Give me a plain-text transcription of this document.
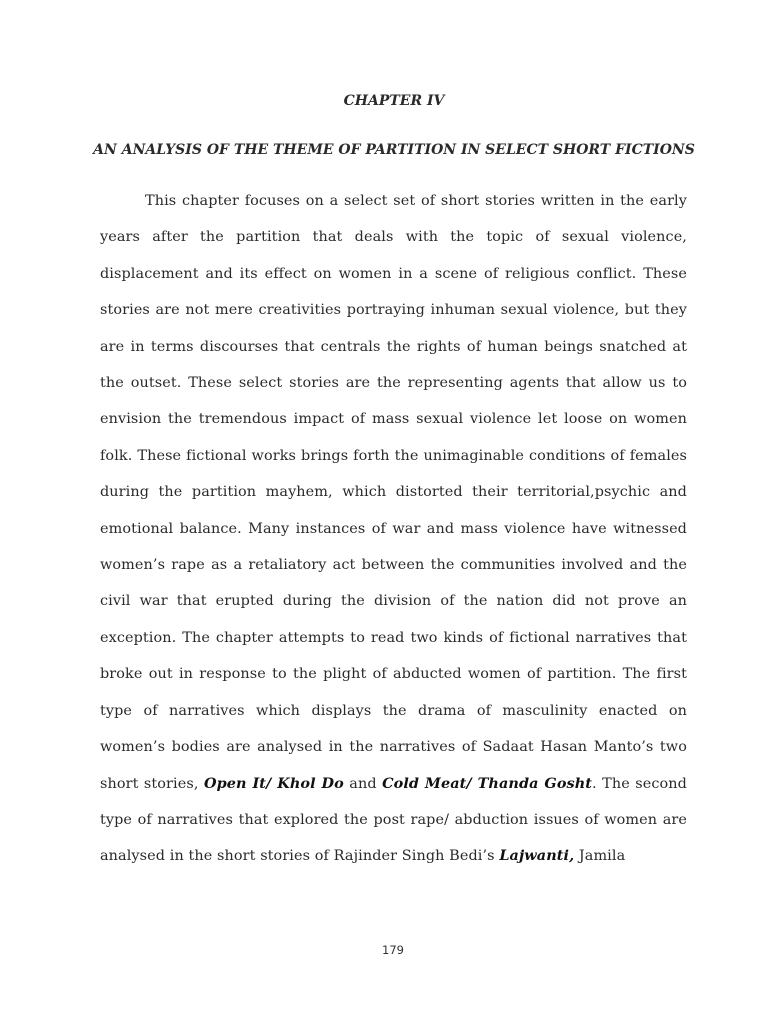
CHAPTER IV

AN ANALYSIS OF THE THEME OF PARTITION IN SELECT SHORT FICTIONS

This chapter focuses on a select set of short stories written in the early years after the partition that deals with the topic of sexual violence, displacement and its effect on women in a scene of religious conflict. These stories are not mere creativities portraying inhuman sexual violence, but they are in terms discourses that centrals the rights of human beings snatched at the outset. These select stories are the representing agents that allow us to envision the tremendous impact of mass sexual violence let loose on women folk. These fictional works brings forth the unimaginable conditions of females during the partition mayhem, which distorted their territorial,psychic and emotional balance. Many instances of war and mass violence have witnessed women’s rape as a retaliatory act between the communities involved and the civil war that erupted during the division of the nation did not prove an exception. The chapter attempts to read two kinds of fictional narratives that broke out in response to the plight of abducted women of partition. The first type of narratives which displays the drama of masculinity enacted on women’s bodies are analysed in the narratives of Sadaat Hasan Manto’s two short stories, Open It/ Khol Do and Cold Meat/ Thanda Gosht. The second type of narratives that explored the post rape/ abduction issues of women are analysed in the short stories of Rajinder Singh Bedi’s Lajwanti, Jamila

179
